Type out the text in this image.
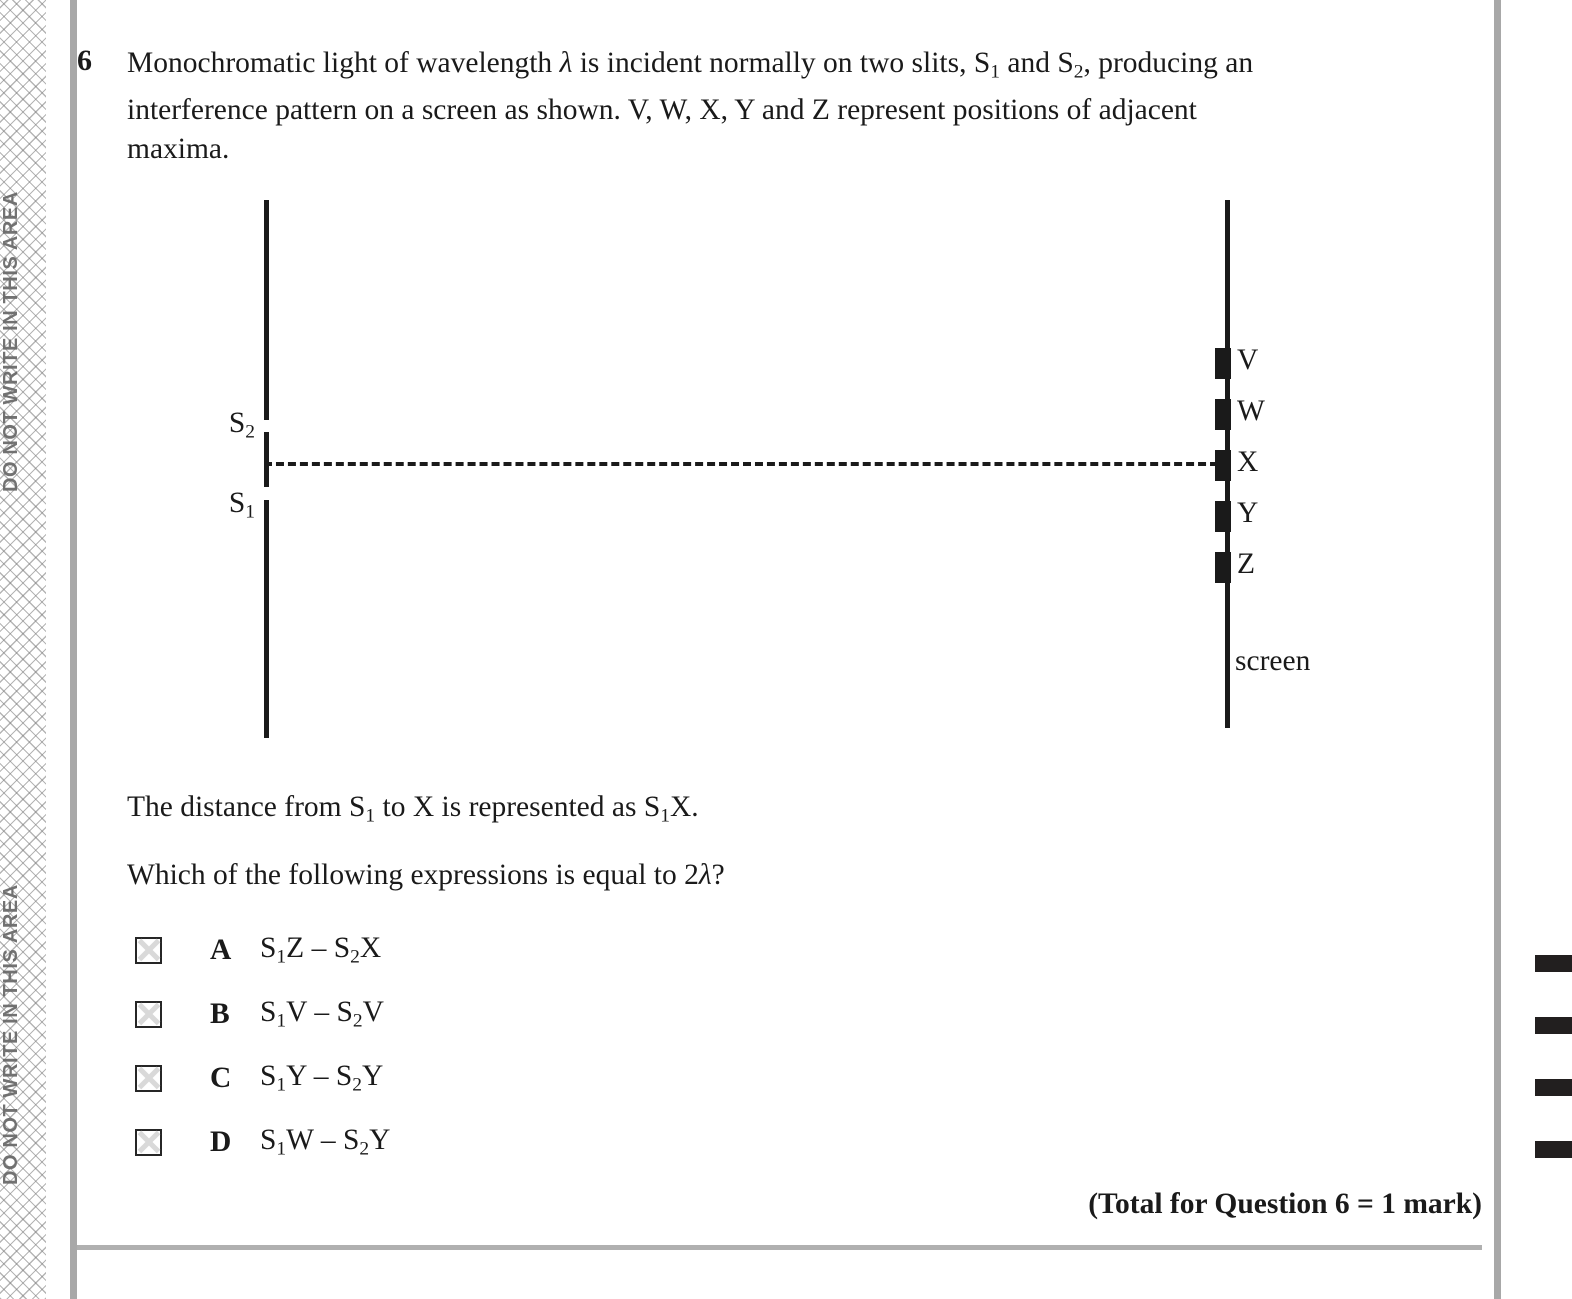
DO NOT WRITE IN THIS AREA
DO NOT WRITE IN THIS AREA
6 Monochromatic light of wavelength λ is incident normally on two slits, $S_1$ and $S_2$, producing an interference pattern on a screen as shown. V, W, X, Y and Z represent positions of adjacent maxima.
$S_2$
$S_1$
V
W
X
Y
Z
screen
The distance from $S_1$ to X is represented as $S_1X$.
Which of the following expressions is equal to 2λ?
A $S_1Z - S_2X$
B $S_1V - S_2V$
C $S_1Y - S_2Y$
D $S_1W - S_2Y$
(Total for Question 6 = 1 mark)
